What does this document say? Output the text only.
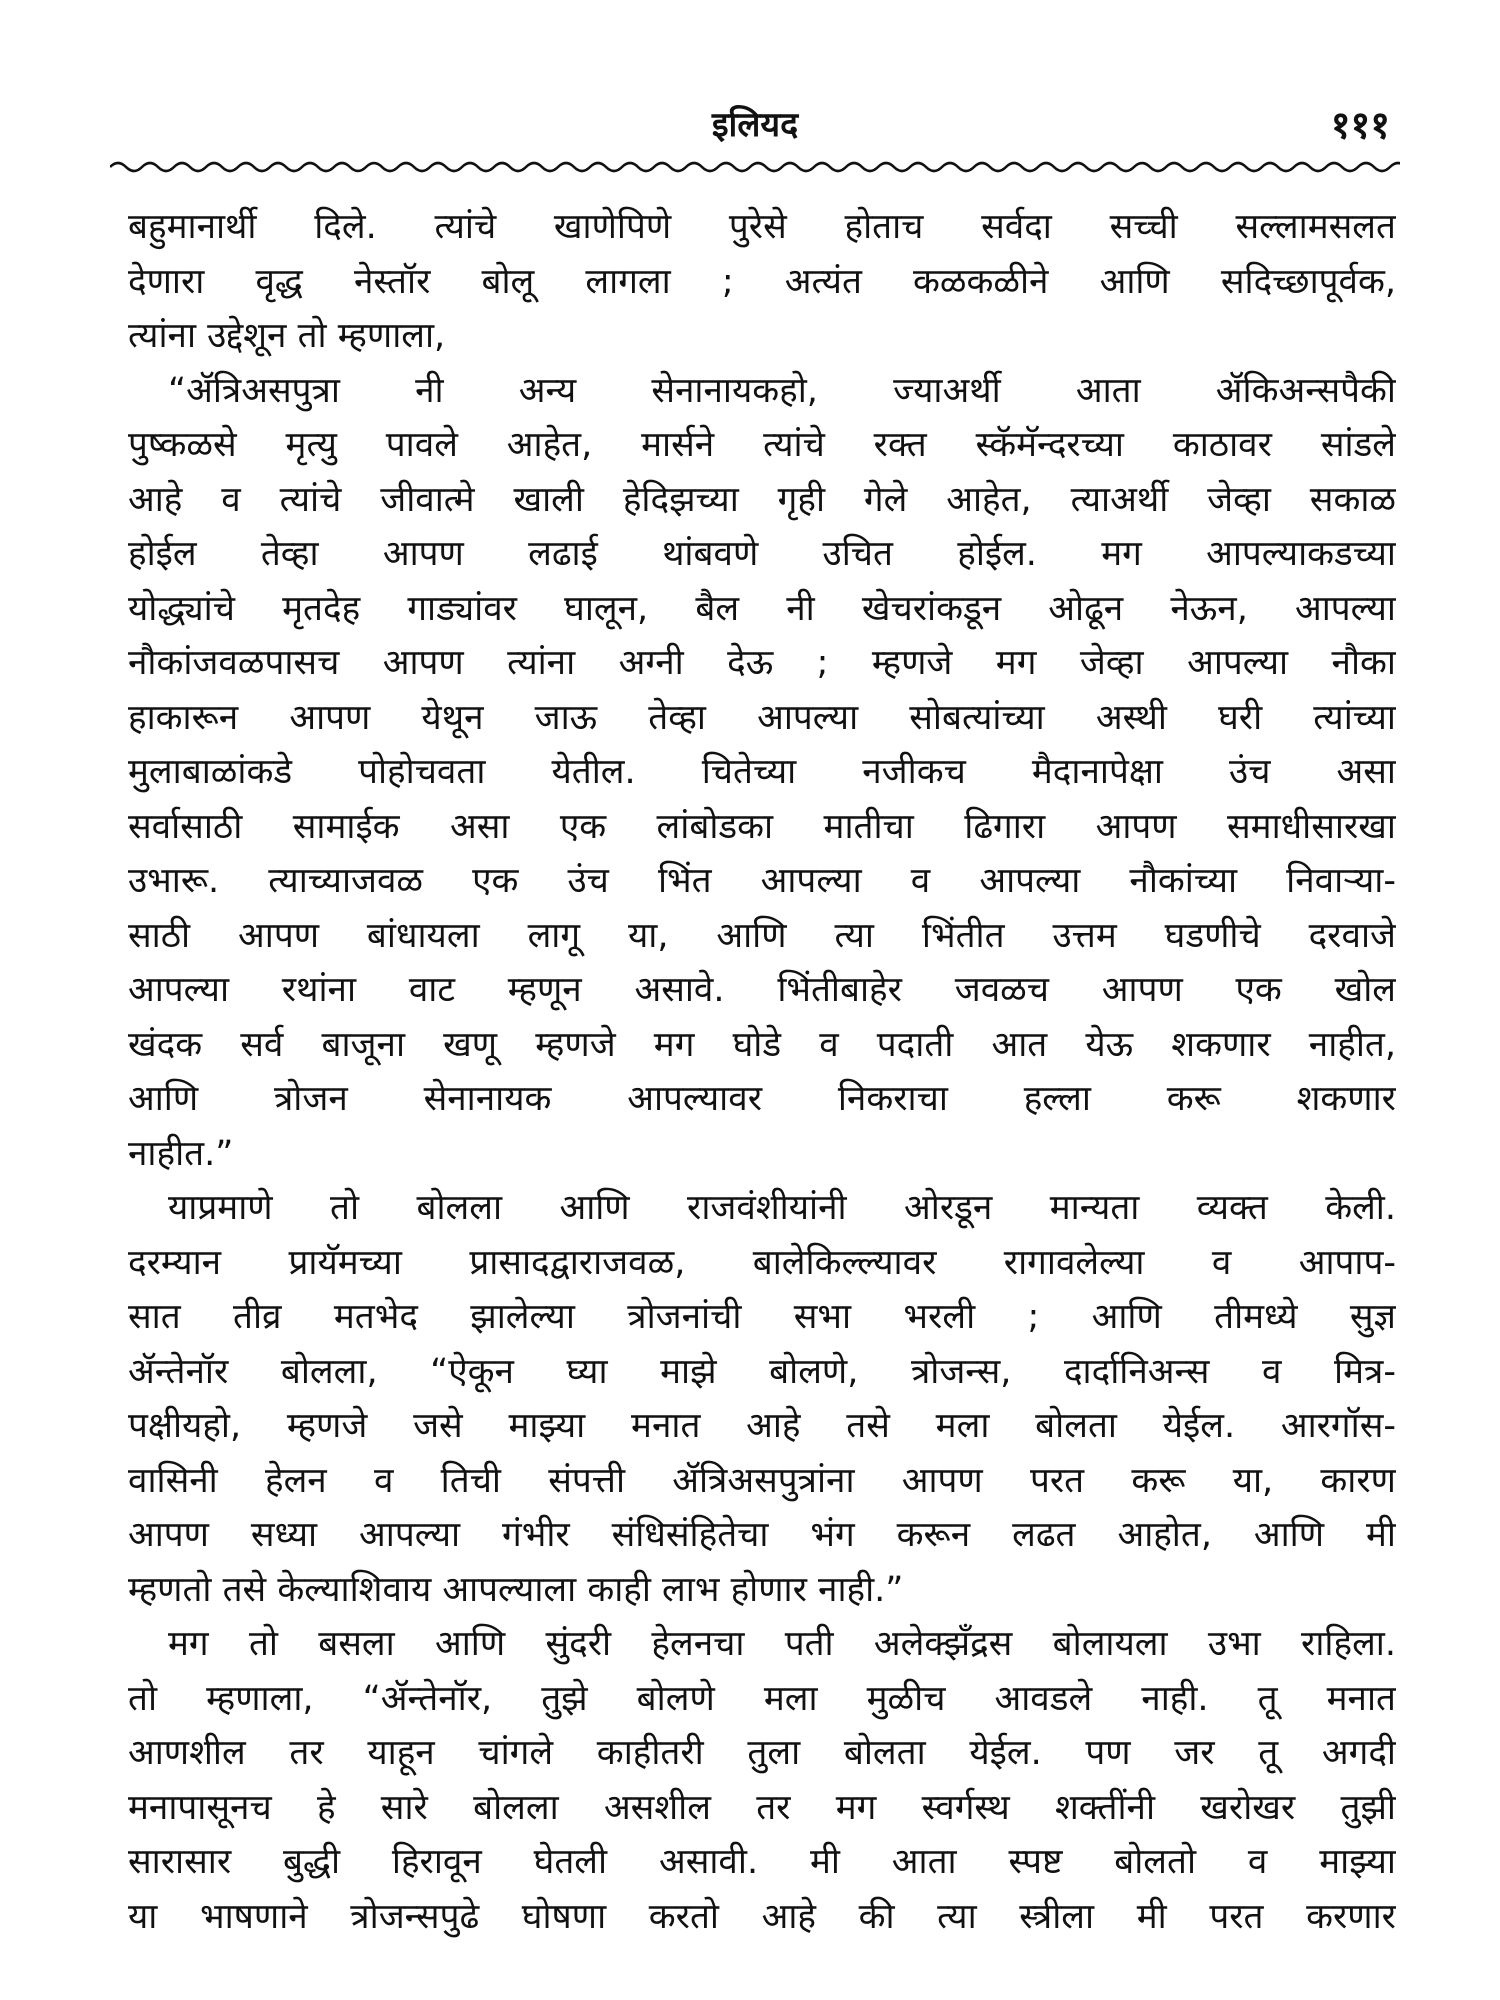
इलियद	१११
बहुमानार्थी दिले. त्यांचे खाणेपिणे पुरेसे होताच सर्वदा सच्ची सल्लामसलत
देणारा वृद्ध नेस्तॉर बोलू लागला ; अत्यंत कळकळीने आणि सदिच्छापूर्वक,
त्यांना उद्देशून तो म्हणाला,
“ॲत्रिअसपुत्रा नी अन्य सेनानायकहो, ज्याअर्थी आता ॲकिअन्सपैकी
पुष्कळसे मृत्यु पावले आहेत, मार्सने त्यांचे रक्त स्कॅमॅन्दरच्या काठावर सांडले
आहे व त्यांचे जीवात्मे खाली हेदिझच्या गृही गेले आहेत, त्याअर्थी जेव्हा सकाळ
होईल तेव्हा आपण लढाई थांबवणे उचित होईल. मग आपल्याकडच्या
योद्ध्यांचे मृतदेह गाड्यांवर घालून, बैल नी खेचरांकडून ओढून नेऊन, आपल्या
नौकांजवळपासच आपण त्यांना अग्नी देऊ ; म्हणजे मग जेव्हा आपल्या नौका
हाकारून आपण येथून जाऊ तेव्हा आपल्या सोबत्यांच्या अस्थी घरी त्यांच्या
मुलाबाळांकडे पोहोचवता येतील. चितेच्या नजीकच मैदानापेक्षा उंच असा
सर्वासाठी सामाईक असा एक लांबोडका मातीचा ढिगारा आपण समाधीसारखा
उभारू. त्याच्याजवळ एक उंच भिंत आपल्या व आपल्या नौकांच्या निवाऱ्या-
साठी आपण बांधायला लागू या, आणि त्या भिंतीत उत्तम घडणीचे दरवाजे
आपल्या रथांना वाट म्हणून असावे. भिंतीबाहेर जवळच आपण एक खोल
खंदक सर्व बाजूना खणू म्हणजे मग घोडे व पदाती आत येऊ शकणार नाहीत,
आणि त्रोजन सेनानायक आपल्यावर निकराचा हल्ला करू शकणार
नाहीत.”
याप्रमाणे तो बोलला आणि राजवंशीयांनी ओरडून मान्यता व्यक्त केली.
दरम्यान प्रायॅमच्या प्रासादद्वाराजवळ, बालेकिल्ल्यावर रागावलेल्या व आपाप-
सात तीव्र मतभेद झालेल्या त्रोजनांची सभा भरली ; आणि तीमध्ये सुज्ञ
ॲन्तेनॉर बोलला, “ऐकून घ्या माझे बोलणे, त्रोजन्स, दार्दानिअन्स व मित्र-
पक्षीयहो, म्हणजे जसे माझ्या मनात आहे तसे मला बोलता येईल. आरगॉस-
वासिनी हेलन व तिची संपत्ती ॲत्रिअसपुत्रांना आपण परत करू या, कारण
आपण सध्या आपल्या गंभीर संधिसंहितेचा भंग करून लढत आहोत, आणि मी
म्हणतो तसे केल्याशिवाय आपल्याला काही लाभ होणार नाही.”
मग तो बसला आणि सुंदरी हेलनचा पती अलेक्झँद्रस बोलायला उभा राहिला.
तो म्हणाला, “ॲन्तेनॉर, तुझे बोलणे मला मुळीच आवडले नाही. तू मनात
आणशील तर याहून चांगले काहीतरी तुला बोलता येईल. पण जर तू अगदी
मनापासूनच हे सारे बोलला असशील तर मग स्वर्गस्थ शक्तींनी खरोखर तुझी
सारासार बुद्धी हिरावून घेतली असावी. मी आता स्पष्ट बोलतो व माझ्या
या भाषणाने त्रोजन्सपुढे घोषणा करतो आहे की त्या स्त्रीला मी परत करणार
